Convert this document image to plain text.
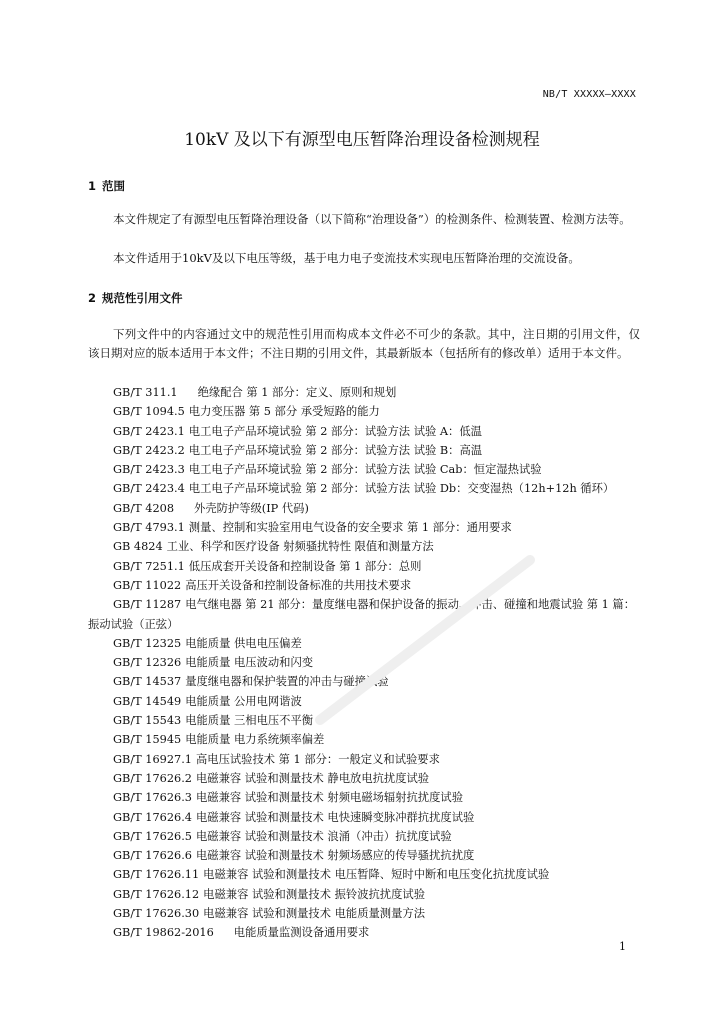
NB/T XXXXX—XXXX
10kV 及以下有源型电压暂降治理设备检测规程
1 范围

本文件规定了有源型电压暂降治理设备（以下简称“治理设备”）的检测条件、检测装置、检测方法等。

本文件适用于10kV及以下电压等级，基于电力电子变流技术实现电压暂降治理的交流设备。

2 规范性引用文件

下列文件中的内容通过文中的规范性引用而构成本文件必不可少的条款。其中，注日期的引用文件，仅该日期对应的版本适用于本文件；不注日期的引用文件，其最新版本（包括所有的修改单）适用于本文件。

GB/T 311.1 绝缘配合 第 1 部分：定义、原则和规划
GB/T 1094.5 电力变压器 第 5 部分 承受短路的能力
GB/T 2423.1 电工电子产品环境试验 第 2 部分：试验方法 试验 A：低温
GB/T 2423.2 电工电子产品环境试验 第 2 部分：试验方法 试验 B：高温
GB/T 2423.3 电工电子产品环境试验 第 2 部分：试验方法 试验 Cab：恒定湿热试验
GB/T 2423.4 电工电子产品环境试验 第 2 部分：试验方法 试验 Db：交变湿热（12h+12h 循环）
GB/T 4208 外壳防护等级(IP 代码)
GB/T 4793.1 测量、控制和实验室用电气设备的安全要求 第 1 部分：通用要求
GB 4824 工业、科学和医疗设备 射频骚扰特性 限值和测量方法
GB/T 7251.1 低压成套开关设备和控制设备 第 1 部分：总则
GB/T 11022 高压开关设备和控制设备标准的共用技术要求
GB/T 11287 电气继电器 第 21 部分：量度继电器和保护设备的振动、冲击、碰撞和地震试验 第 1 篇：振动试验（正弦）
GB/T 12325 电能质量 供电电压偏差
GB/T 12326 电能质量 电压波动和闪变
GB/T 14537 量度继电器和保护装置的冲击与碰撞试验
GB/T 14549 电能质量 公用电网谐波
GB/T 15543 电能质量 三相电压不平衡
GB/T 15945 电能质量 电力系统频率偏差
GB/T 16927.1 高电压试验技术 第 1 部分：一般定义和试验要求
GB/T 17626.2 电磁兼容 试验和测量技术 静电放电抗扰度试验
GB/T 17626.3 电磁兼容 试验和测量技术 射频电磁场辐射抗扰度试验
GB/T 17626.4 电磁兼容 试验和测量技术 电快速瞬变脉冲群抗扰度试验
GB/T 17626.5 电磁兼容 试验和测量技术 浪涌（冲击）抗扰度试验
GB/T 17626.6 电磁兼容 试验和测量技术 射频场感应的传导骚扰抗扰度
GB/T 17626.11 电磁兼容 试验和测量技术 电压暂降、短时中断和电压变化抗扰度试验
GB/T 17626.12 电磁兼容 试验和测量技术 振铃波抗扰度试验
GB/T 17626.30 电磁兼容 试验和测量技术 电能质量测量方法
GB/T 19862-2016 电能质量监测设备通用要求
1
